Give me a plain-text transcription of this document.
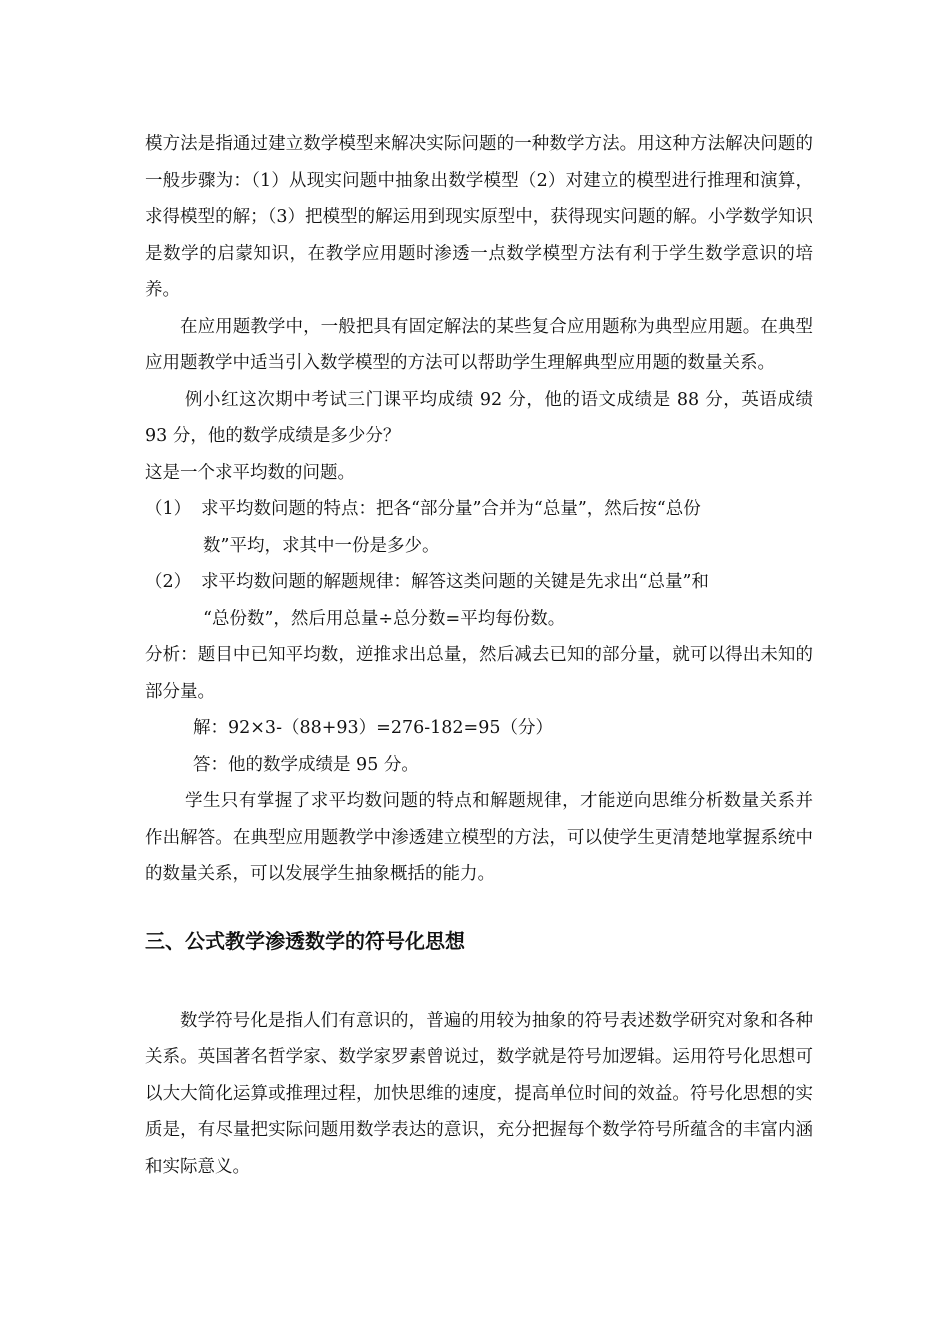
模方法是指通过建立数学模型来解决实际问题的一种数学方法。用这种方法解决问题的一般步骤为：（1）从现实问题中抽象出数学模型（2）对建立的模型进行推理和演算，求得模型的解；（3）把模型的解运用到现实原型中，获得现实问题的解。小学数学知识是数学的启蒙知识，在教学应用题时渗透一点数学模型方法有利于学生数学意识的培养。

在应用题教学中，一般把具有固定解法的某些复合应用题称为典型应用题。在典型应用题教学中适当引入数学模型的方法可以帮助学生理解典型应用题的数量关系。

例小红这次期中考试三门课平均成绩 92 分，他的语文成绩是 88 分，英语成绩 93 分，他的数学成绩是多少分？

这是一个求平均数的问题。

（1） 求平均数问题的特点：把各“部分量”合并为“总量”，然后按“总份
数”平均，求其中一份是多少。
（2） 求平均数问题的解题规律：解答这类问题的关键是先求出“总量”和
“总份数”，然后用总量÷总分数=平均每份数。

分析：题目中已知平均数，逆推求出总量，然后减去已知的部分量，就可以得出未知的部分量。

解：92×3-（88+93）=276-182=95（分）

答：他的数学成绩是 95 分。

学生只有掌握了求平均数问题的特点和解题规律，才能逆向思维分析数量关系并作出解答。在典型应用题教学中渗透建立模型的方法，可以使学生更清楚地掌握系统中的数量关系，可以发展学生抽象概括的能力。

三、公式教学渗透数学的符号化思想

数学符号化是指人们有意识的，普遍的用较为抽象的符号表述数学研究对象和各种关系。英国著名哲学家、数学家罗素曾说过，数学就是符号加逻辑。运用符号化思想可以大大简化运算或推理过程，加快思维的速度，提高单位时间的效益。符号化思想的实质是，有尽量把实际问题用数学表达的意识，充分把握每个数学符号所蕴含的丰富内涵和实际意义。
